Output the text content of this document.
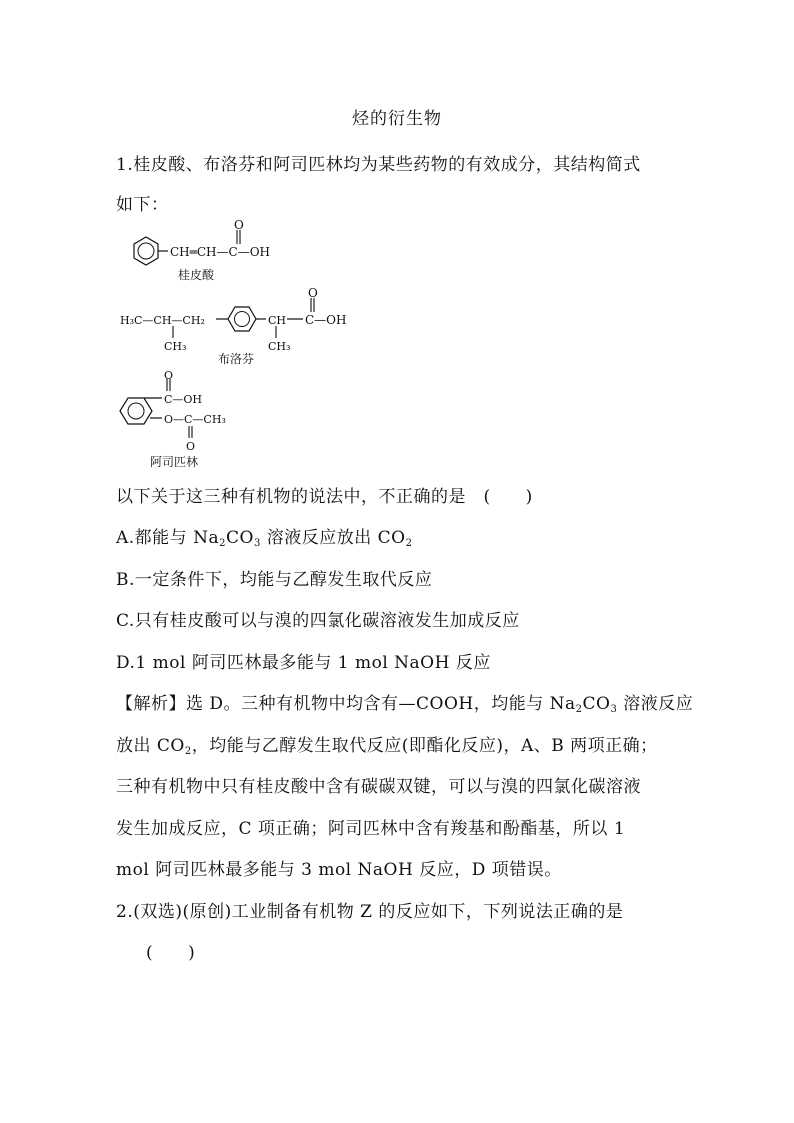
烃的衍生物
1.桂皮酸、布洛芬和阿司匹林均为某些药物的有效成分，其结构简式
如下：
CH═CH—C—OH
O
桂皮酸
H₃C—CH—CH₂
CH₃
CH
CH₃
C—OH
O
布洛芬
C—OH
O
O—C—CH₃
O
阿司匹林
以下关于这三种有机物的说法中，不正确的是　(　　)
A.都能与 $Na_2CO_3$ 溶液反应放出 $CO_2$
B.一定条件下，均能与乙醇发生取代反应
C.只有桂皮酸可以与溴的四氯化碳溶液发生加成反应
D.1 mol 阿司匹林最多能与 1 mol NaOH 反应
【解析】选 D。三种有机物中均含有—COOH，均能与 $Na_2CO_3$ 溶液反应
放出 $CO_2$，均能与乙醇发生取代反应(即酯化反应)，A、B 两项正确；
三种有机物中只有桂皮酸中含有碳碳双键，可以与溴的四氯化碳溶液
发生加成反应，C 项正确；阿司匹林中含有羧基和酚酯基，所以 1
mol 阿司匹林最多能与 3 mol NaOH 反应，D 项错误。
2.(双选)(原创)工业制备有机物 Z 的反应如下，下列说法正确的是
(　　)
